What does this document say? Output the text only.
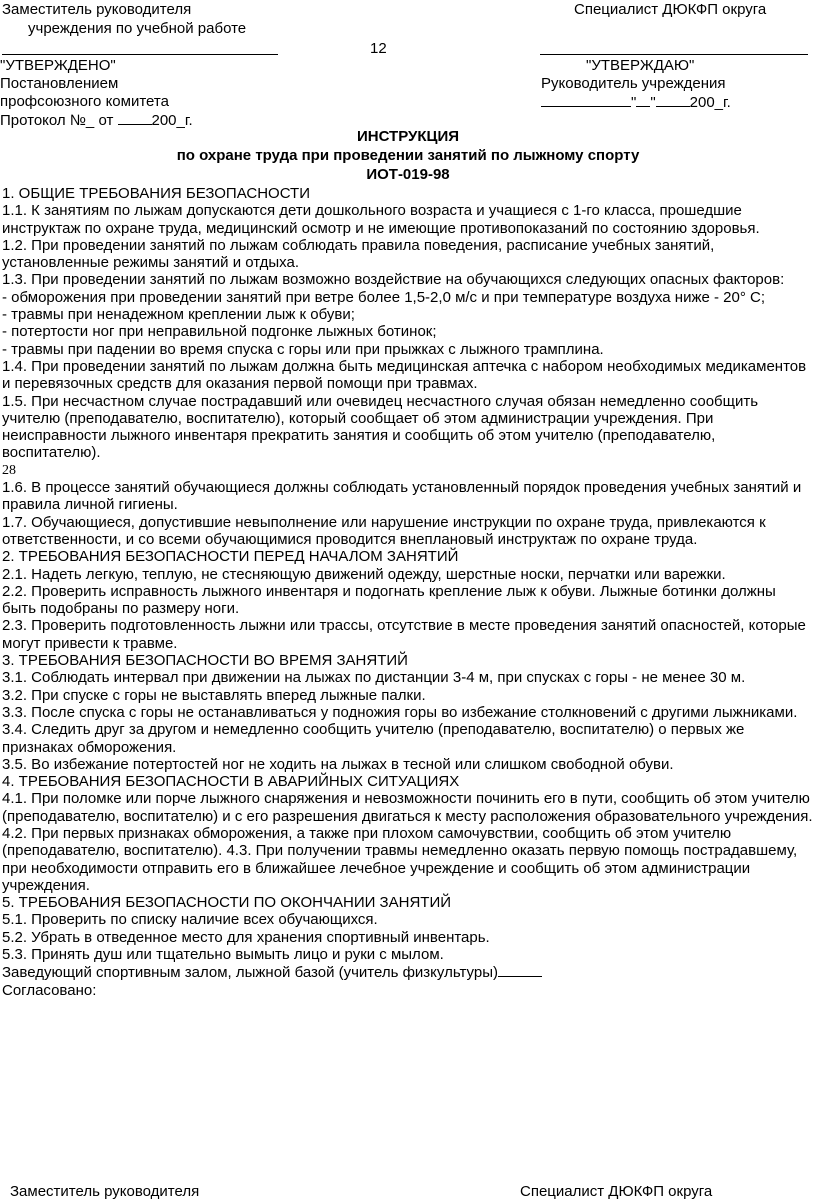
Заместитель руководителя
учреждения по учебной работе
Специалист ДЮКФП округа
12
"УТВЕРЖДЕНО"
Постановлением
профсоюзного комитета
Протокол №_ от 200_г.
"УТВЕРЖДАЮ"
Руководитель учреждения
" " 200_г.
ИНСТРУКЦИЯ
по охране труда при проведении занятий по лыжному спорту
ИОТ-019-98

1. ОБЩИЕ ТРЕБОВАНИЯ БЕЗОПАСНОСТИ

1.1. К занятиям по лыжам допускаются дети дошкольного возраста и учащиеся с 1-го класса, прошедшие инструктаж по охране труда, медицинский осмотр и не имеющие противопоказаний по состоянию здоровья.

1.2. При проведении занятий по лыжам соблюдать правила поведения, расписание учебных занятий, установленные режимы занятий и отдыха.

1.3. При проведении занятий по лыжам возможно воздействие на обучающихся следующих опасных факторов:

- обморожения при проведении занятий при ветре более 1,5-2,0 м/с и при температуре воздуха ниже - 20° С;

- травмы при ненадежном креплении лыж к обуви;

- потертости ног при неправильной подгонке лыжных ботинок;

- травмы при падении во время спуска с горы или при прыжках с лыжного трамплина.

1.4. При проведении занятий по лыжам должна быть медицинская аптечка с набором необходимых медикаментов и перевязочных средств для оказания первой помощи при травмах.

1.5. При несчастном случае пострадавший или очевидец несчастного случая обязан немедленно сообщить учителю (преподавателю, воспитателю), который сообщает об этом администрации учреждения. При неисправности лыжного инвентаря прекратить занятия и сообщить об этом учителю (преподавателю, воспитателю).

28

1.6. В процессе занятий обучающиеся должны соблюдать установленный порядок проведения учебных занятий и правила личной гигиены.

1.7. Обучающиеся, допустившие невыполнение или нарушение инструкции по охране труда, привлекаются к ответственности, и со всеми обучающимися проводится внеплановый инструктаж по охране труда.

2. ТРЕБОВАНИЯ БЕЗОПАСНОСТИ ПЕРЕД НАЧАЛОМ ЗАНЯТИЙ

2.1. Надеть легкую, теплую, не стесняющую движений одежду, шерстные носки, перчатки или варежки.

2.2. Проверить исправность лыжного инвентаря и подогнать крепление лыж к обуви. Лыжные ботинки должны быть подобраны по размеру ноги.

2.3. Проверить подготовленность лыжни или трассы, отсутствие в месте проведения занятий опасностей, которые могут привести к травме.

3. ТРЕБОВАНИЯ БЕЗОПАСНОСТИ ВО ВРЕМЯ ЗАНЯТИЙ

3.1. Соблюдать интервал при движении на лыжах по дистанции 3-4 м, при спусках с горы - не менее 30 м.

3.2. При спуске с горы не выставлять вперед лыжные палки.

3.3. После спуска с горы не останавливаться у подножия горы во избежание столкновений с другими лыжниками.

3.4. Следить друг за другом и немедленно сообщить учителю (преподавателю, воспитателю) о первых же признаках обморожения.

3.5. Во избежание потертостей ног не ходить на лыжах в тесной или слишком свободной обуви.

4. ТРЕБОВАНИЯ БЕЗОПАСНОСТИ В АВАРИЙНЫХ СИТУАЦИЯХ

4.1. При поломке или порче лыжного снаряжения и невозможности починить его в пути, сообщить об этом учителю (преподавателю, воспитателю) и с его разрешения двигаться к месту расположения образовательного учреждения.

4.2. При первых признаках обморожения, а также при плохом самочувствии, сообщить об этом учителю (преподавателю, воспитателю). 4.3. При получении травмы немедленно оказать первую помощь пострадавшему, при необходимости отправить его в ближайшее лечебное учреждение и сообщить об этом администрации учреждения.

5. ТРЕБОВАНИЯ БЕЗОПАСНОСТИ ПО ОКОНЧАНИИ ЗАНЯТИЙ

5.1. Проверить по списку наличие всех обучающихся.

5.2. Убрать в отведенное место для хранения спортивный инвентарь.

5.3. Принять душ или тщательно вымыть лицо и руки с мылом.

Заведующий спортивным залом, лыжной базой (учитель физкультуры)

Согласовано:

Заместитель руководителя	Специалист ДЮКФП округа
